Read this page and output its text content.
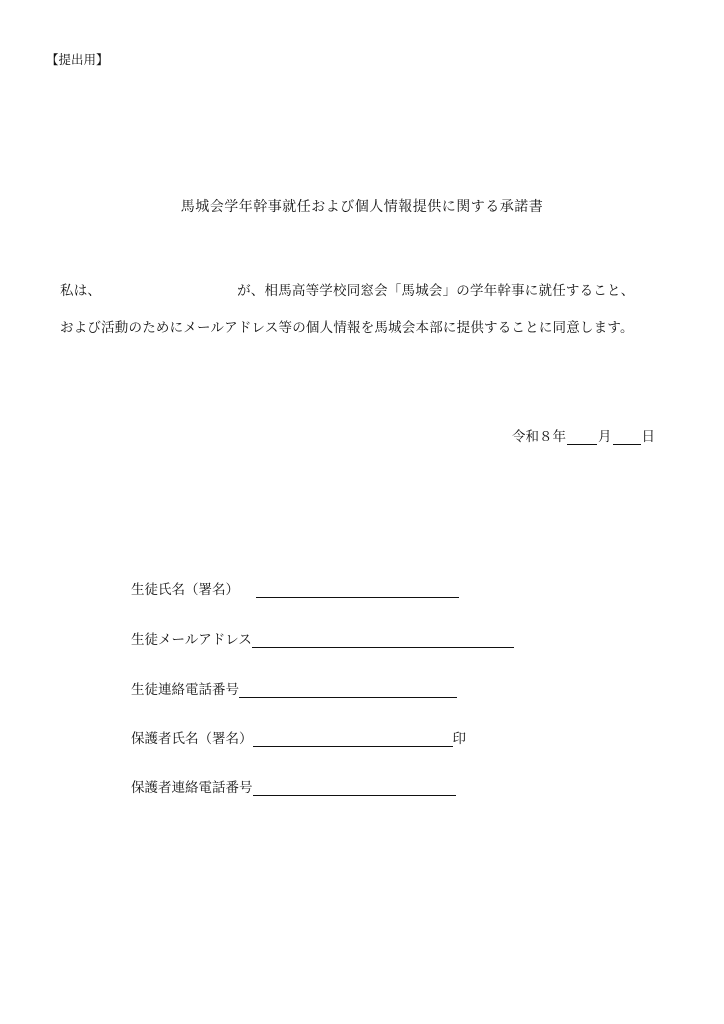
【提出用】
馬城会学年幹事就任および個人情報提供に関する承諾書
私は、	が、相馬高等学校同窓会「馬城会」の学年幹事に就任すること、
および活動のためにメールアドレス等の個人情報を馬城会本部に提供することに同意します。
令和８年 月 日
生徒氏名（署名）
生徒メールアドレス
生徒連絡電話番号
保護者氏名（署名）	印
保護者連絡電話番号
